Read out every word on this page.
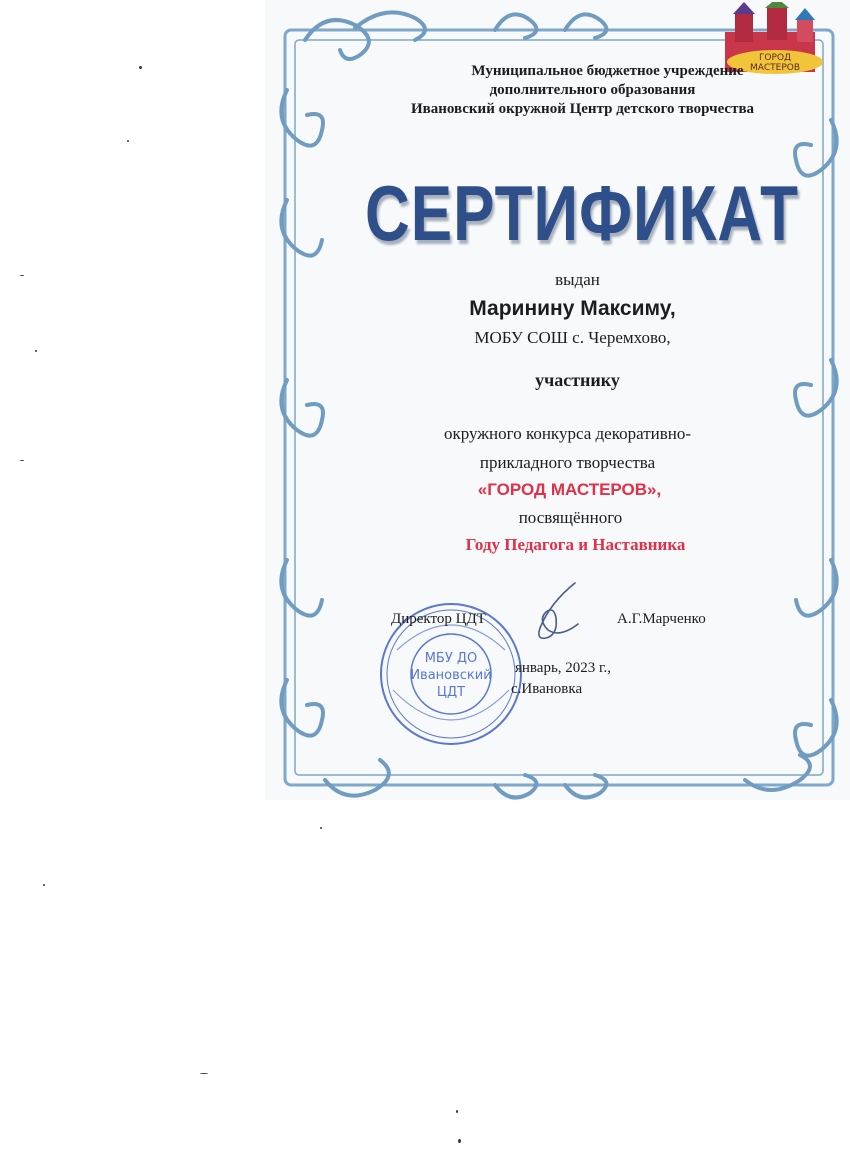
ГОРОД
МАСТЕРОВ
Муниципальное бюджетное учреждение
дополнительного образования
Ивановский окружной Центр детского творчества
СЕРТИФИКАТ
выдан
Маринину Максиму,
МОБУ СОШ с. Черемхово,
участнику
окружного конкурса декоративно-
прикладного творчества
«ГОРОД МАСТЕРОВ»,
посвящённого
Году Педагога и Наставника
МБУ ДО
Ивановский
ЦДТ
Директор ЦДТ	А.Г.Марченко
январь, 2023 г.,
с.Ивановка
